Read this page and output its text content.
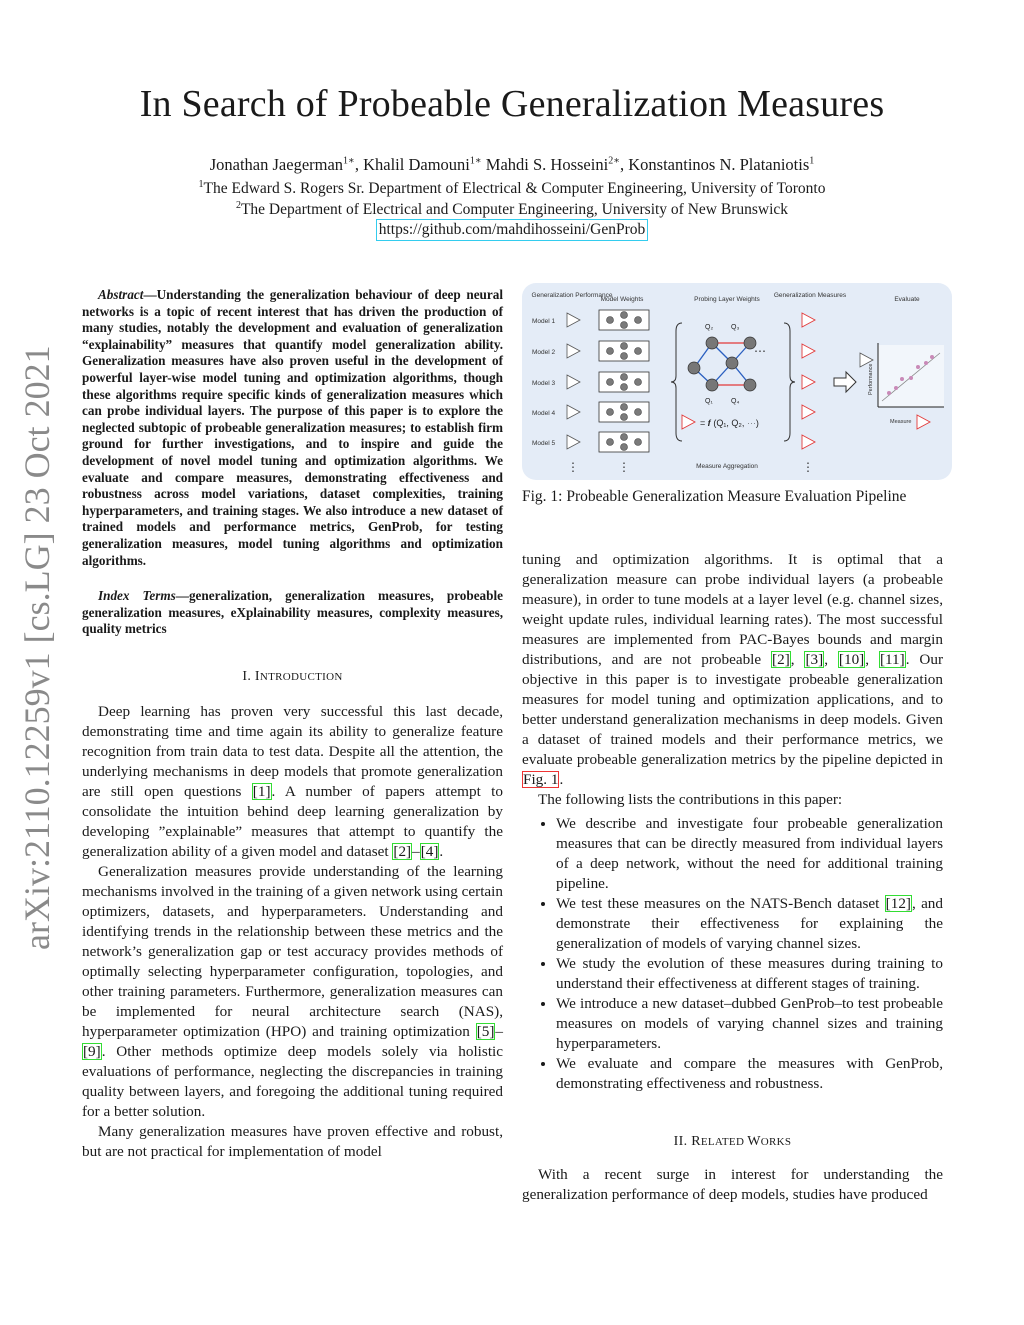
arXiv:2110.12259v1 [cs.LG] 23 Oct 2021
In Search of Probeable Generalization Measures
Jonathan Jaegerman$^{1∗}$, Khalil Damouni$^{1∗}$ Mahdi S. Hosseini$^{2∗}$, Konstantinos N. Plataniotis$^1$
$^1$The Edward S. Rogers Sr. Department of Electrical & Computer Engineering, University of Toronto
$^2$The Department of Electrical and Computer Engineering, University of New Brunswick
https://github.com/mahdihosseini/GenProb

Abstract—Understanding the generalization behaviour of deep neural networks is a topic of recent interest that has driven the production of many studies, notably the development and evaluation of generalization “explainability” measures that quantify model generalization ability. Generalization measures have also proven useful in the development of powerful layer-wise model tuning and optimization algorithms, though these algorithms require specific kinds of generalization measures which can probe individual layers. The purpose of this paper is to explore the neglected subtopic of probeable generalization measures; to establish firm ground for further investigations, and to inspire and guide the development of novel model tuning and optimization algorithms. We evaluate and compare measures, demonstrating effectiveness and robustness across model variations, dataset complexities, training hyperparameters, and training stages. We also introduce a new dataset of trained models and performance metrics, GenProb, for testing generalization measures, model tuning algorithms and optimization algorithms.

Index Terms—generalization, generalization measures, probeable generalization measures, eXplainability measures, complexity measures, quality metrics

I. INTRODUCTION

Deep learning has proven very successful this last decade, demonstrating time and time again its ability to generalize feature recognition from train data to test data. Despite all the attention, the underlying mechanisms in deep models that promote generalization are still open questions [1]. A number of papers attempt to consolidate the intuition behind deep learning generalization by developing ”explainable” measures that attempt to quantify the generalization ability of a given model and dataset [2]–[4].

Generalization measures provide understanding of the learning mechanisms involved in the training of a given network using certain optimizers, datasets, and hyperparameters. Understanding and identifying trends in the relationship between these metrics and the network’s generalization gap or test accuracy provides methods of optimally selecting hyperparameter configuration, topologies, and other training parameters. Furthermore, generalization measures can be implemented for neural architecture search (NAS), hyperparameter optimization (HPO) and training optimization [5]–[9]. Other methods optimize deep models solely via holistic evaluations of performance, neglecting the discrepancies in training quality between layers, and foregoing the additional tuning required for a better solution.

Many generalization measures have proven effective and robust, but are not practical for implementation of model

Generalization Performance
Model Weights	Probing Layer Weights
Generalization Measures
Evaluate
Model 1
Model 2
Model 3
Model 4
Model 5
⋮	⋮	⋮
Q₂	Q₃
Q₁	Q₄
⋯
= 𝒇 (Q₁, Q₂, ⋯)
Measure Aggregation
Performance
Measure
Fig. 1: Probeable Generalization Measure Evaluation Pipeline

tuning and optimization algorithms. It is optimal that a generalization measure can probe individual layers (a probeable measure), in order to tune models at a layer level (e.g. channel sizes, weight update rules, individual learning rates). The most successful measures are implemented from PAC-Bayes bounds and margin distributions, and are not probeable [2], [3], [10], [11]. Our objective in this paper is to investigate probeable generalization measures for model tuning and optimization applications, and to better understand generalization mechanisms in deep models. Given a dataset of trained models and their performance metrics, we evaluate probeable generalization metrics by the pipeline depicted in Fig. 1.

The following lists the contributions in this paper:

• We describe and investigate four probeable generalization measures that can be directly measured from individual layers of a deep network, without the need for additional training pipeline.
• We test these measures on the NATS-Bench dataset [12], and demonstrate their effectiveness for explaining the generalization of models of varying channel sizes.
• We study the evolution of these measures during training to understand their effectiveness at different stages of training.
• We introduce a new dataset–dubbed GenProb–to test probeable measures on models of varying channel sizes and training hyperparameters.
• We evaluate and compare the measures with GenProb, demonstrating effectiveness and robustness.
II. RELATED WORKS

With a recent surge in interest for understanding the generalization performance of deep models, studies have produced
